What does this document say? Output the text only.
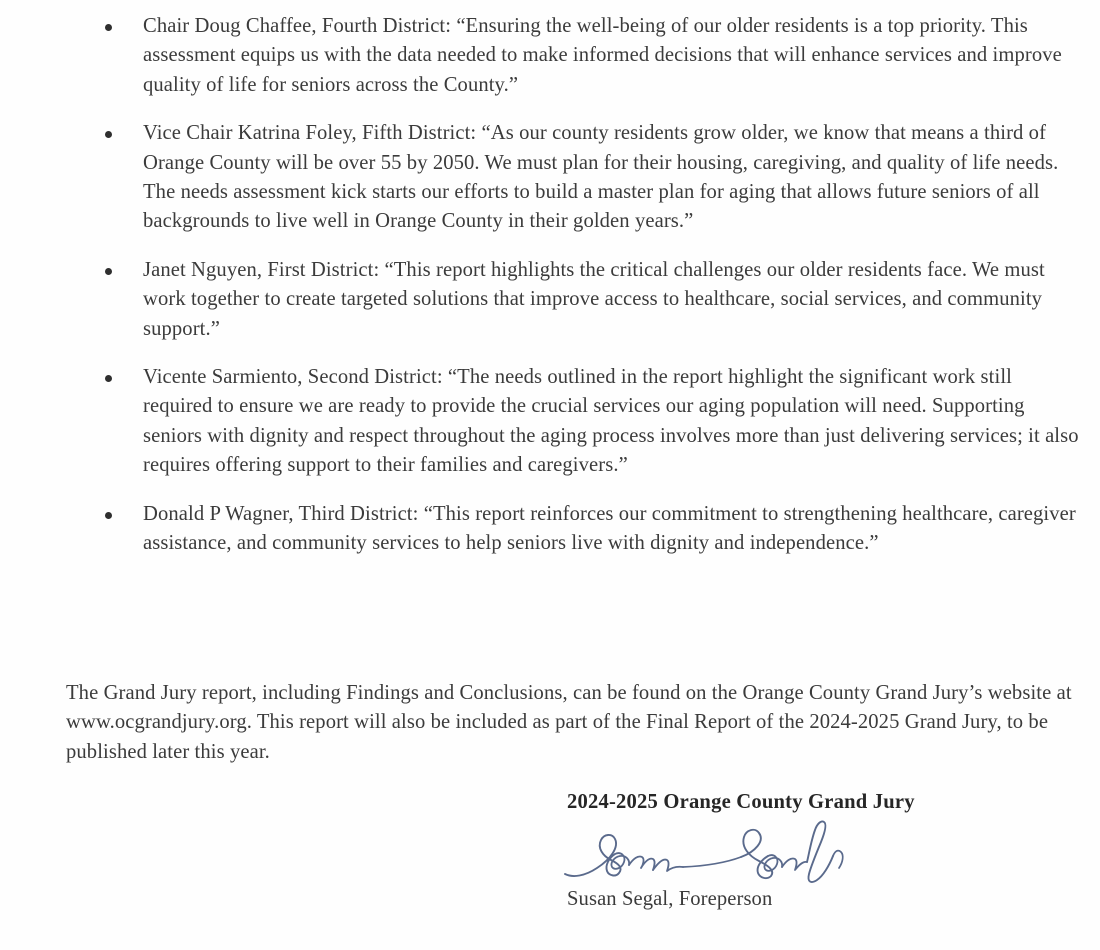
Chair Doug Chaffee, Fourth District: “Ensuring the well-being of our older residents is a top priority. This assessment equips us with the data needed to make informed decisions that will enhance services and improve quality of life for seniors across the County.”
Vice Chair Katrina Foley, Fifth District: “As our county residents grow older, we know that means a third of Orange County will be over 55 by 2050. We must plan for their housing, caregiving, and quality of life needs. The needs assessment kick starts our efforts to build a master plan for aging that allows future seniors of all backgrounds to live well in Orange County in their golden years.”
Janet Nguyen, First District: “This report highlights the critical challenges our older residents face. We must work together to create targeted solutions that improve access to healthcare, social services, and community support.”
Vicente Sarmiento, Second District: “The needs outlined in the report highlight the significant work still required to ensure we are ready to provide the crucial services our aging population will need. Supporting seniors with dignity and respect throughout the aging process involves more than just delivering services; it also requires offering support to their families and caregivers.”
Donald P Wagner, Third District: “This report reinforces our commitment to strengthening healthcare, caregiver assistance, and community services to help seniors live with dignity and independence.”

The Grand Jury report, including Findings and Conclusions, can be found on the Orange County Grand Jury’s website at www.ocgrandjury.org. This report will also be included as part of the Final Report of the 2024-2025 Grand Jury, to be published later this year.

2024-2025 Orange County Grand Jury
Susan Segal, Foreperson
